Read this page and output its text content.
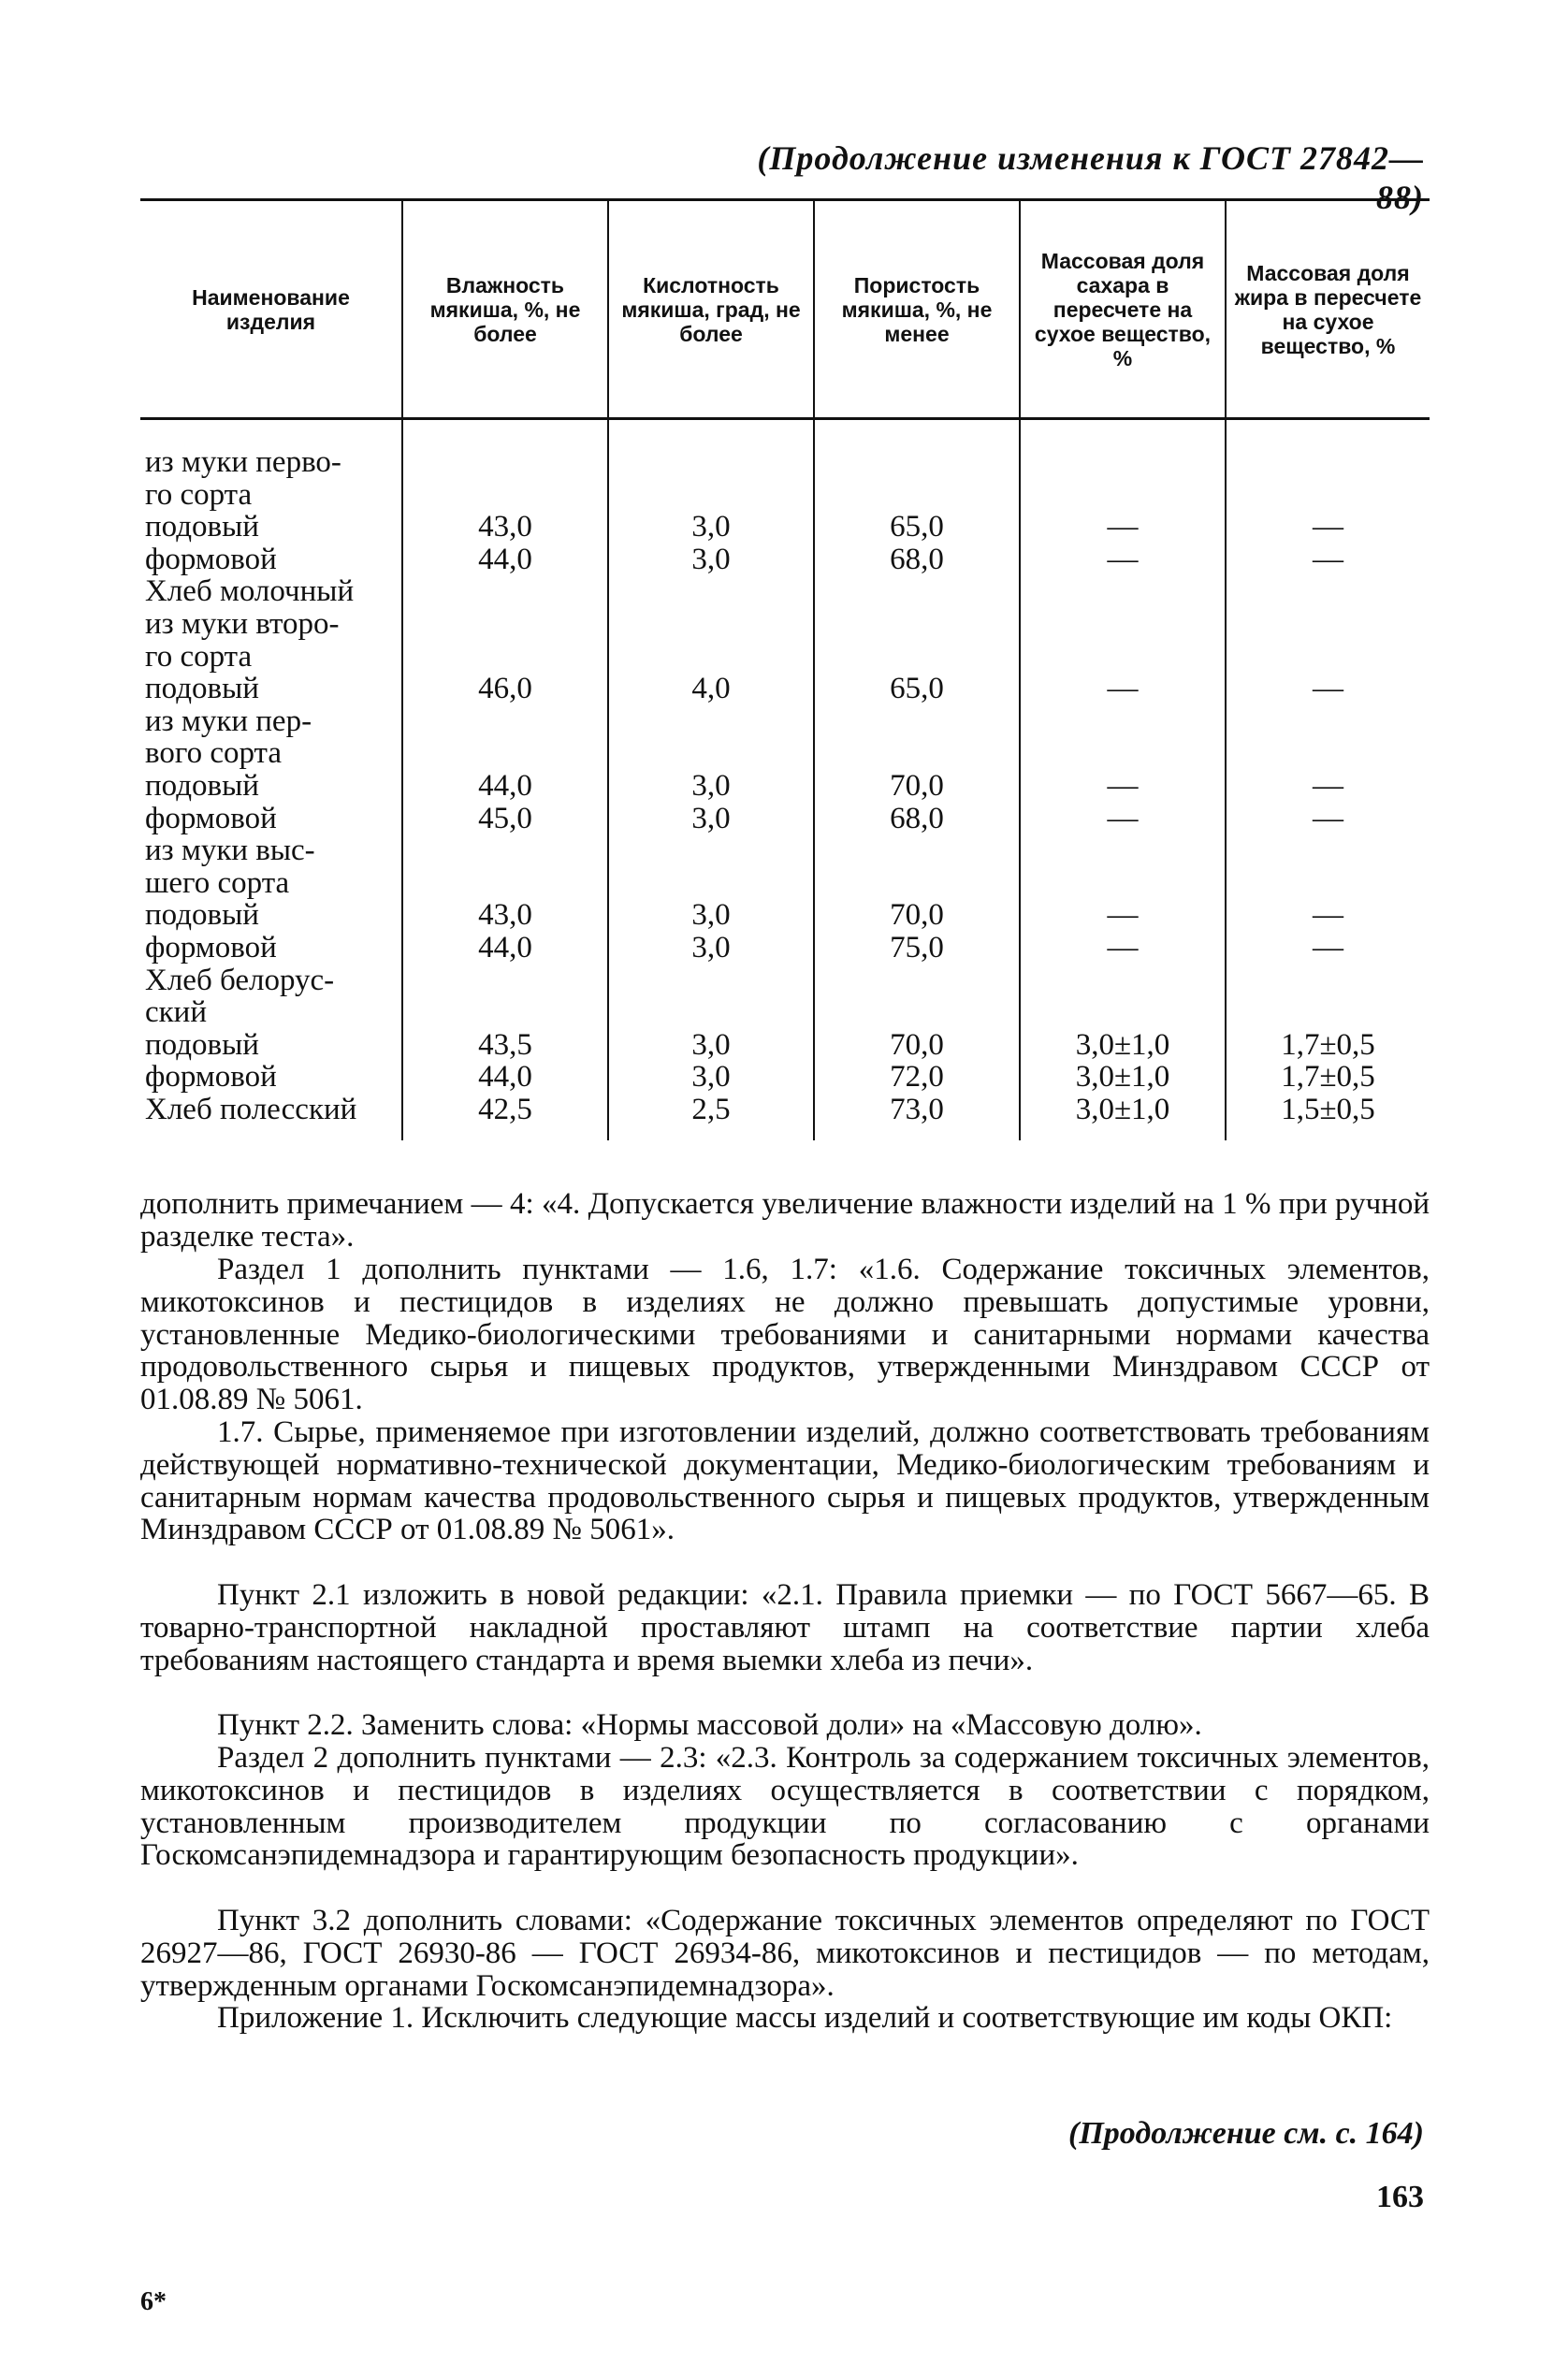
(Продолжение изменения к ГОСТ 27842—88)
Наименование изделия	Влажность мякиша, %, не более	Кислотность мякиша, град, не более	Пористость мякиша, %, не менее	Массовая доля сахара в пересчете на сухое вещество, %	Массовая доля жира в пересчете на сухое вещество, %
из муки перво-					
го сорта					
подовый	43,0	3,0	65,0	—	—
формовой	44,0	3,0	68,0	—	—
Хлеб молочный					
из муки второ-					
го сорта					
подовый	46,0	4,0	65,0	—	—
из муки пер-					
вого сорта					
подовый	44,0	3,0	70,0	—	—
формовой	45,0	3,0	68,0	—	—
из муки выс-					
шего сорта					
подовый	43,0	3,0	70,0	—	—
формовой	44,0	3,0	75,0	—	—
Хлеб белорус-					
ский					
подовый	43,5	3,0	70,0	3,0±1,0	1,7±0,5
формовой	44,0	3,0	72,0	3,0±1,0	1,7±0,5
Хлеб полесский	42,5	2,5	73,0	3,0±1,0	1,5±0,5

дополнить примечанием — 4: «4. Допускается увеличение влажности изделий на 1 % при ручной разделке теста».

Раздел 1 дополнить пунктами — 1.6, 1.7: «1.6. Содержание токсичных элементов, микотоксинов и пестицидов в изделиях не должно превышать допустимые уровни, установленные Медико-биологическими требованиями и санитарными нормами качества продовольственного сырья и пищевых продуктов, утвержденными Минздравом СССР от 01.08.89 № 5061.

1.7. Сырье, применяемое при изготовлении изделий, должно соответствовать требованиям действующей нормативно-технической документации, Медико-биологическим требованиям и санитарным нормам качества продовольственного сырья и пищевых продуктов, утвержденным Минздравом СССР от 01.08.89 № 5061».

Пункт 2.1 изложить в новой редакции: «2.1. Правила приемки — по ГОСТ 5667—65. В товарно-транспортной накладной проставляют штамп на соответствие партии хлеба требованиям настоящего стандарта и время выемки хлеба из печи».

Пункт 2.2. Заменить слова: «Нормы массовой доли» на «Массовую долю».

Раздел 2 дополнить пунктами — 2.3: «2.3. Контроль за содержанием токсичных элементов, микотоксинов и пестицидов в изделиях осуществляется в соответствии с порядком, установленным производителем продукции по согласованию с органами Госкомсанэпидемнадзора и гарантирующим безопасность продукции».

Пункт 3.2 дополнить словами: «Содержание токсичных элементов определяют по ГОСТ 26927—86, ГОСТ 26930-86 — ГОСТ 26934-86, микотоксинов и пестицидов — по методам, утвержденным органами Госкомсанэпидемнадзора».

Приложение 1. Исключить следующие массы изделий и соответствующие им коды ОКП:

(Продолжение см. с. 164)
163
6*
